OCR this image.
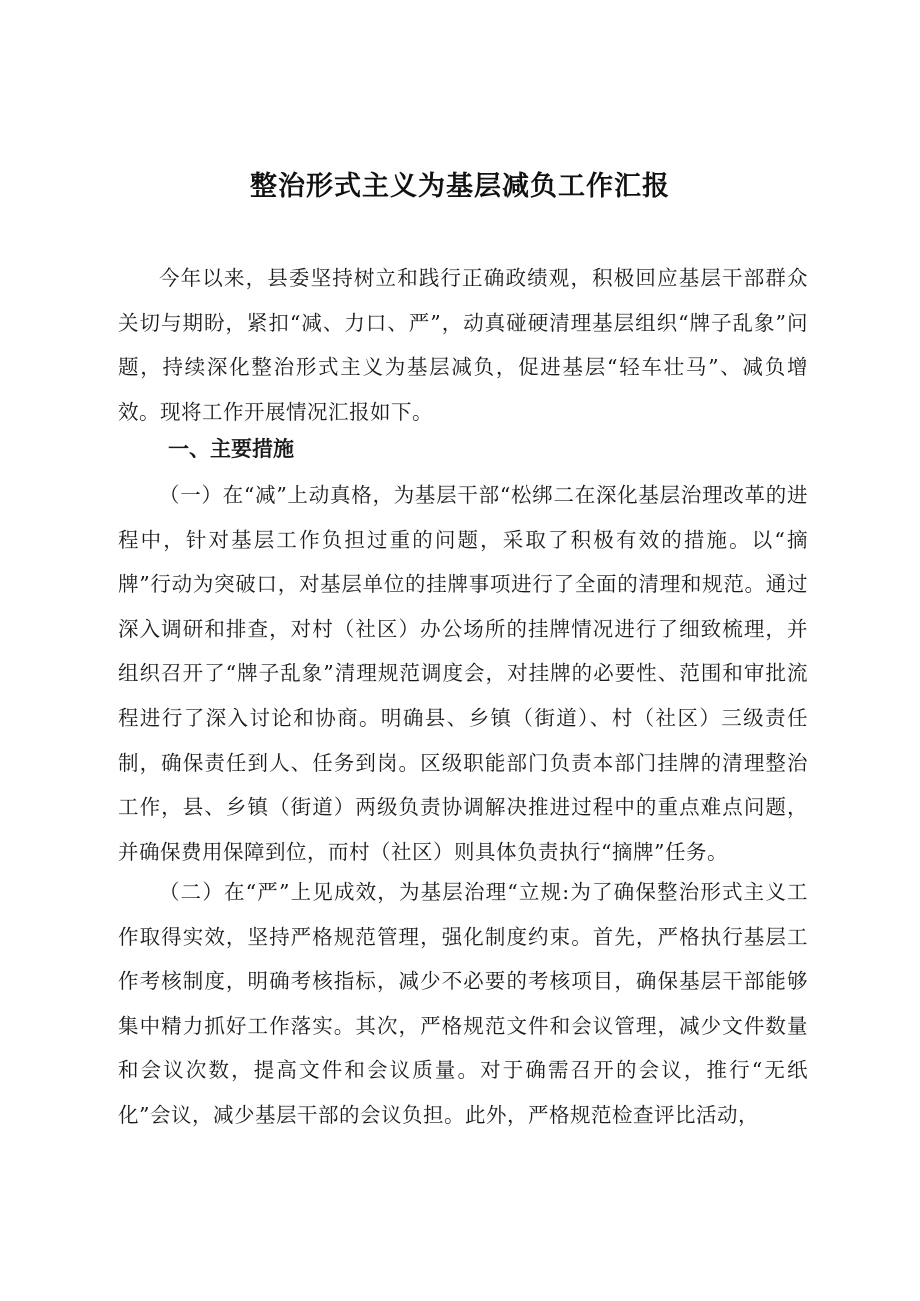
整治形式主义为基层减负工作汇报

今年以来，县委坚持树立和践行正确政绩观，积极回应基层干部群众关切与期盼，紧扣“减、力口、严”，动真碰硬清理基层组织“牌子乱象”问题，持续深化整治形式主义为基层减负，促进基层“轻车壮马”、减负增效。现将工作开展情况汇报如下。

一、主要措施

（一）在“减”上动真格，为基层干部“松绑二在深化基层治理改革的进程中，针对基层工作负担过重的问题，采取了积极有效的措施。以“摘牌”行动为突破口，对基层单位的挂牌事项进行了全面的清理和规范。通过深入调研和排查，对村（社区）办公场所的挂牌情况进行了细致梳理，并组织召开了“牌子乱象”清理规范调度会，对挂牌的必要性、范围和审批流程进行了深入讨论和协商。明确县、乡镇（街道）、村（社区）三级责任制，确保责任到人、任务到岗。区级职能部门负责本部门挂牌的清理整治工作，县、乡镇（街道）两级负责协调解决推进过程中的重点难点问题，并确保费用保障到位，而村（社区）则具体负责执行“摘牌”任务。

（二）在“严”上见成效，为基层治理“立规:为了确保整治形式主义工作取得实效，坚持严格规范管理，强化制度约束。首先，严格执行基层工作考核制度，明确考核指标，减少不必要的考核项目，确保基层干部能够集中精力抓好工作落实。其次，严格规范文件和会议管理，减少文件数量和会议次数，提高文件和会议质量。对于确需召开的会议，推行“无纸化”会议，减少基层干部的会议负担。此外，严格规范检查评比活动，
